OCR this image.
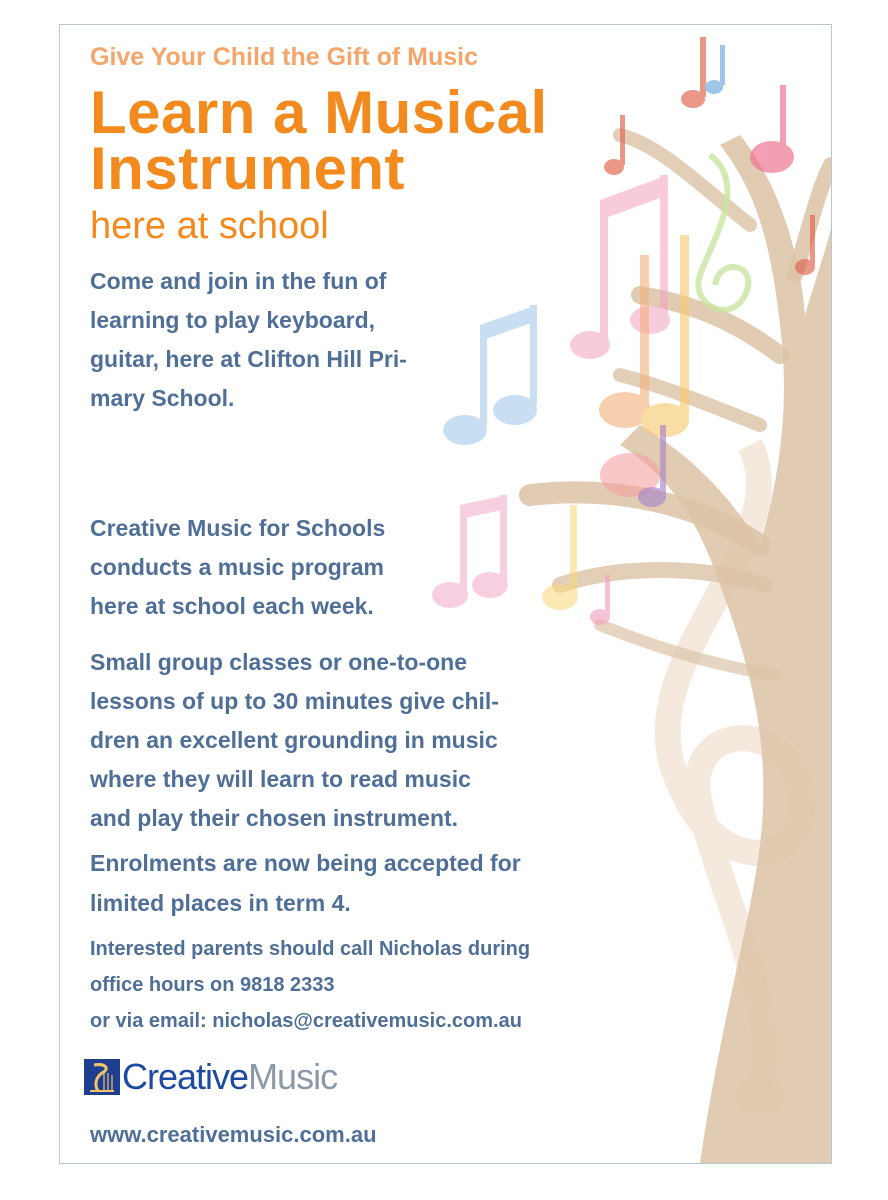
Give Your Child the Gift of Music
Learn a Musical
Instrument
here at school
Come and join in the fun of
learning to play keyboard,
guitar, here at Clifton Hill Pri-
mary School.
Creative Music for Schools
conducts a music program
here at school each week.
Small group classes or one-to-one
lessons of up to 30 minutes give chil-
dren an excellent grounding in music
where they will learn to read music
and play their chosen instrument.
Enrolments are now being accepted for
limited places in term 4.
Interested parents should call Nicholas during
office hours on 9818 2333
or via email: nicholas@creativemusic.com.au
Creative Music
www.creativemusic.com.au
